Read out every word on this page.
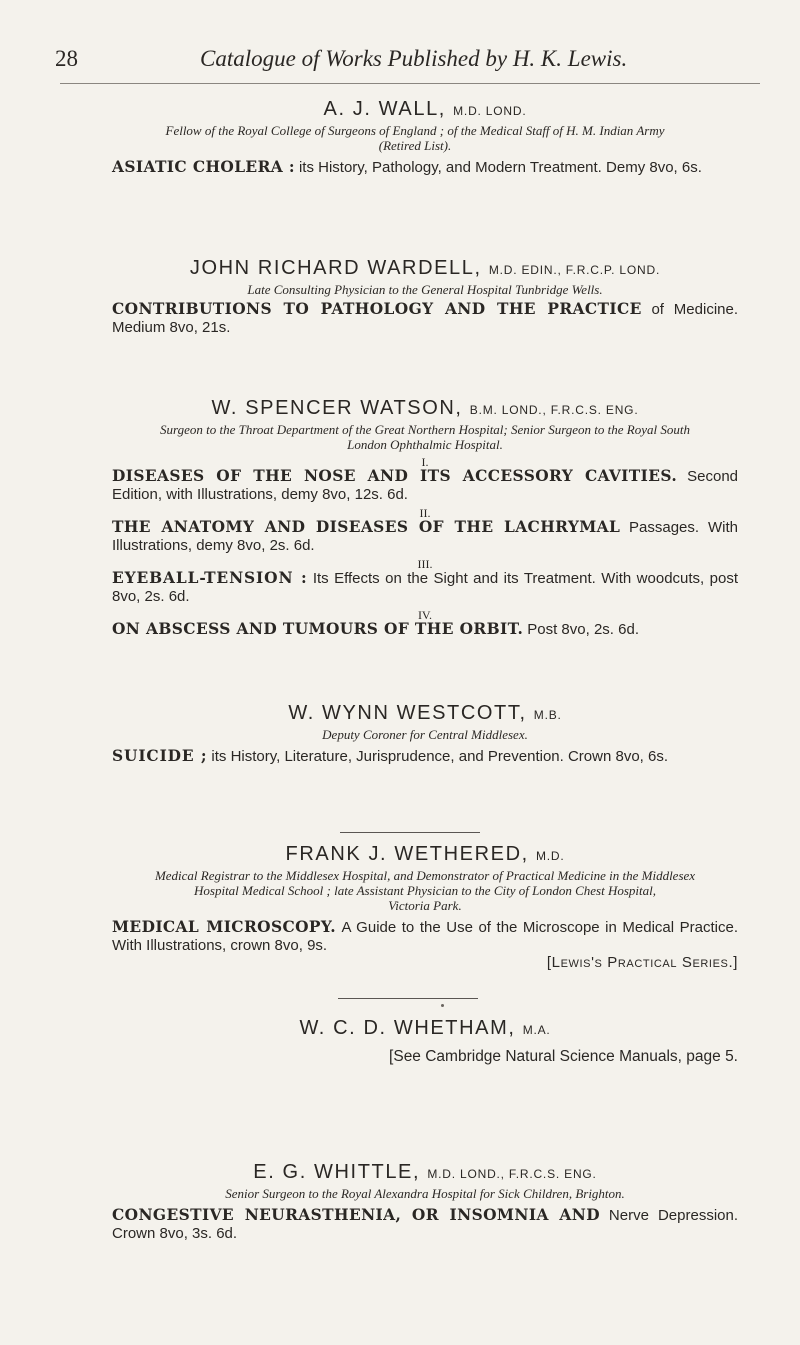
28	Catalogue of Works Published by H. K. Lewis.
A. J. WALL, M.D. LOND.
Fellow of the Royal College of Surgeons of England ; of the Medical Staff of H. M. Indian Army
(Retired List).
ASIATIC CHOLERA : its History, Pathology, and Modern Treatment. Demy 8vo, 6s.
JOHN RICHARD WARDELL, M.D. EDIN., F.R.C.P. LOND.
Late Consulting Physician to the General Hospital Tunbridge Wells.
CONTRIBUTIONS TO PATHOLOGY AND THE PRACTICE of Medicine. Medium 8vo, 21s.
W. SPENCER WATSON, B.M. LOND., F.R.C.S. ENG.
Surgeon to the Throat Department of the Great Northern Hospital; Senior Surgeon to the Royal South
London Ophthalmic Hospital.
I.
DISEASES OF THE NOSE AND ITS ACCESSORY CAVITIES. Second Edition, with Illustrations, demy 8vo, 12s. 6d.
II.
THE ANATOMY AND DISEASES OF THE LACHRYMAL Passages. With Illustrations, demy 8vo, 2s. 6d.
III.
EYEBALL-TENSION : Its Effects on the Sight and its Treatment. With woodcuts, post 8vo, 2s. 6d.
IV.
ON ABSCESS AND TUMOURS OF THE ORBIT. Post 8vo, 2s. 6d.
W. WYNN WESTCOTT, M.B.
Deputy Coroner for Central Middlesex.
SUICIDE ; its History, Literature, Jurisprudence, and Prevention. Crown 8vo, 6s.
FRANK J. WETHERED, M.D.
Medical Registrar to the Middlesex Hospital, and Demonstrator of Practical Medicine in the Middlesex
Hospital Medical School ; late Assistant Physician to the City of London Chest Hospital,
Victoria Park.
MEDICAL MICROSCOPY. A Guide to the Use of the Microscope in Medical Practice. With Illustrations, crown 8vo, 9s.
[Lewis's Practical Series.]
W. C. D. WHETHAM, M.A.
[See Cambridge Natural Science Manuals, page 5.
E. G. WHITTLE, M.D. LOND., F.R.C.S. ENG.
Senior Surgeon to the Royal Alexandra Hospital for Sick Children, Brighton.
CONGESTIVE NEURASTHENIA, OR INSOMNIA AND Nerve Depression. Crown 8vo, 3s. 6d.
